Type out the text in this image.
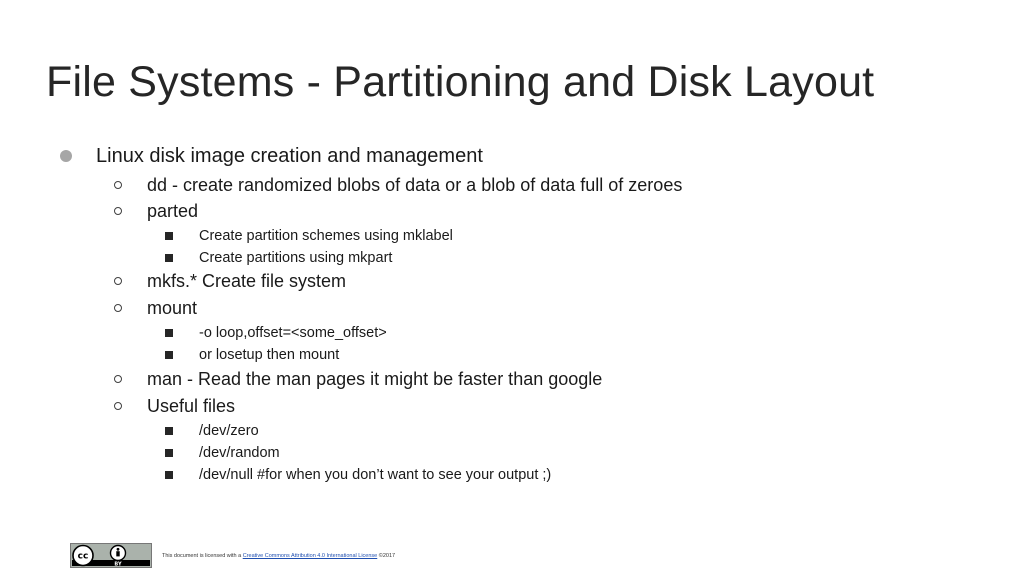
File Systems - Partitioning and Disk Layout
Linux disk image creation and management
dd - create randomized blobs of data or a blob of data full of zeroes
parted
Create partition schemes using mklabel
Create partitions using mkpart
mkfs.* Create file system
mount
-o loop,offset=<some_offset>
or losetup then mount
man - Read the man pages it might be faster than google
Useful files
/dev/zero
/dev/random
/dev/null #for when you don’t want to see your output ;)
cc
BY
This document is licensed with a Creative Commons Attribution 4.0 International License ©2017
